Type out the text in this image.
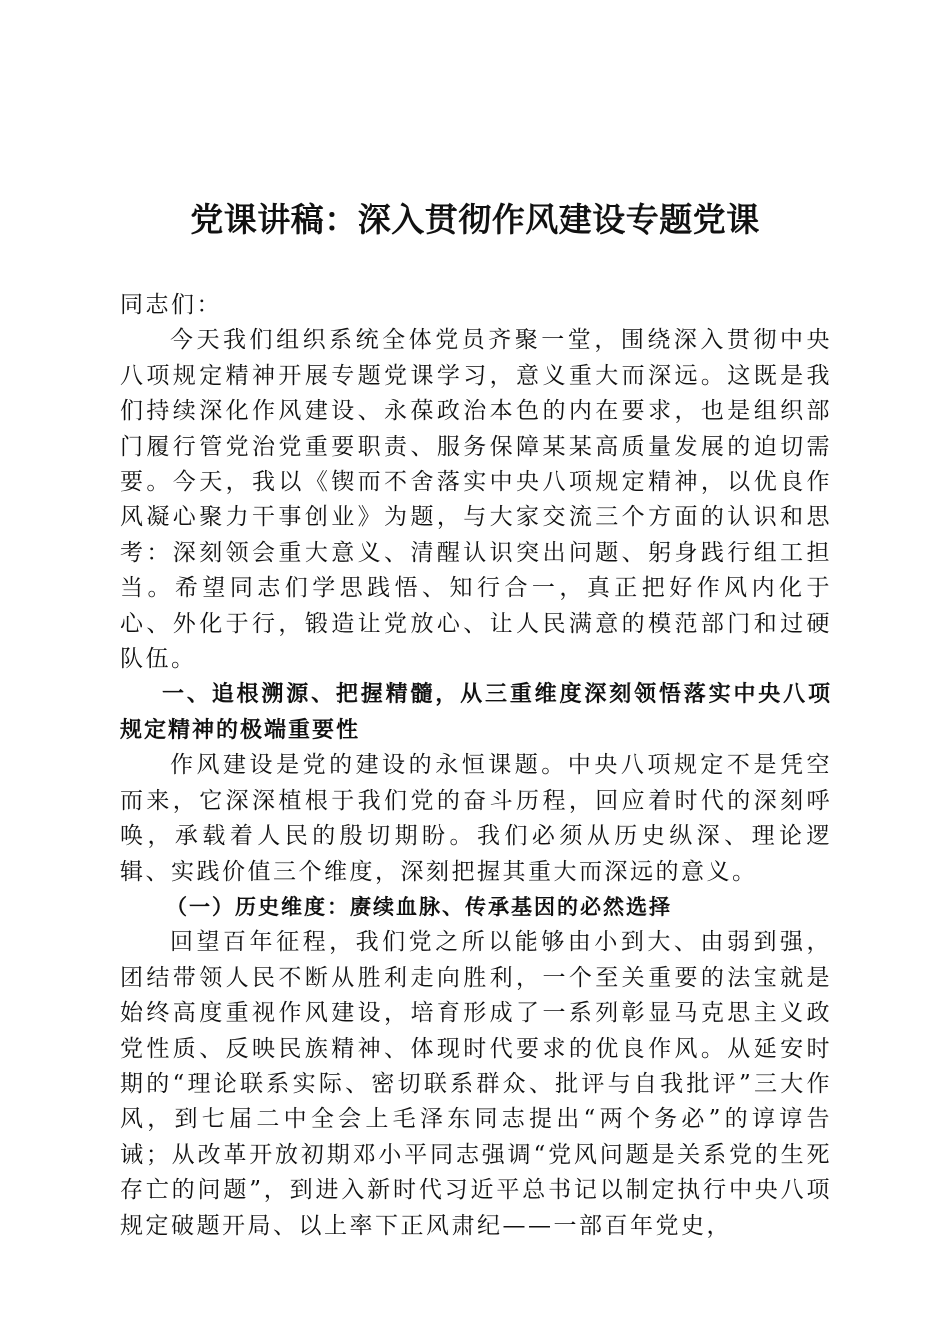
党课讲稿：深入贯彻作风建设专题党课

同志们：

今天我们组织系统全体党员齐聚一堂，围绕深入贯彻中央八项规定精神开展专题党课学习，意义重大而深远。这既是我们持续深化作风建设、永葆政治本色的内在要求，也是组织部门履行管党治党重要职责、服务保障某某高质量发展的迫切需要。今天，我以《锲而不舍落实中央八项规定精神，以优良作风凝心聚力干事创业》为题，与大家交流三个方面的认识和思考：深刻领会重大意义、清醒认识突出问题、躬身践行组工担当。希望同志们学思践悟、知行合一，真正把好作风内化于心、外化于行，锻造让党放心、让人民满意的模范部门和过硬队伍。

一、追根溯源、把握精髓，从三重维度深刻领悟落实中央八项规定精神的极端重要性

作风建设是党的建设的永恒课题。中央八项规定不是凭空而来，它深深植根于我们党的奋斗历程，回应着时代的深刻呼唤，承载着人民的殷切期盼。我们必须从历史纵深、理论逻辑、实践价值三个维度，深刻把握其重大而深远的意义。

（一）历史维度：赓续血脉、传承基因的必然选择

回望百年征程，我们党之所以能够由小到大、由弱到强，团结带领人民不断从胜利走向胜利，一个至关重要的法宝就是始终高度重视作风建设，培育形成了一系列彰显马克思主义政党性质、反映民族精神、体现时代要求的优良作风。从延安时期的“理论联系实际、密切联系群众、批评与自我批评”三大作风，到七届二中全会上毛泽东同志提出“两个务必”的谆谆告诫；从改革开放初期邓小平同志强调“党风问题是关系党的生死存亡的问题”，到进入新时代习近平总书记以制定执行中央八项规定破题开局、以上率下正风肃纪——一部百年党史，
